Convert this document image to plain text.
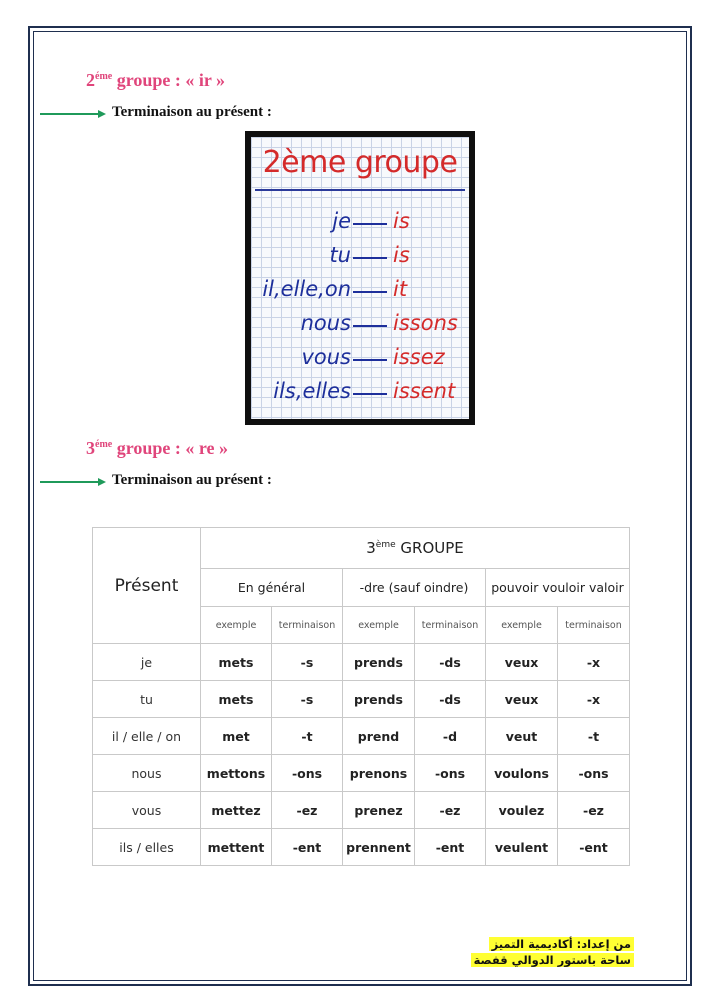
$2^{éme}$ groupe : « ir »
Terminaison au présent :
2ème groupe
je is
tu is
il,elle,on it
nous issons
vous issez
ils,elles issent
$3^{éme}$ groupe : « re »
Terminaison au présent :
Présent	3ème GROUPE					
	En général		-dre (sauf oindre)		pouvoir vouloir valoir	
	exemple	terminaison	exemple	terminaison	exemple	terminaison
je	mets	-s	prends	-ds	veux	-x
tu	mets	-s	prends	-ds	veux	-x
il / elle / on	met	-t	prend	-d	veut	-t
nous	mettons	-ons	prenons	-ons	voulons	-ons
vous	mettez	-ez	prenez	-ez	voulez	-ez
ils / elles	mettent	-ent	prennent	-ent	veulent	-ent
من إعداد: أكاديمية التميز
ساحة باستور الدوالي قفصة
